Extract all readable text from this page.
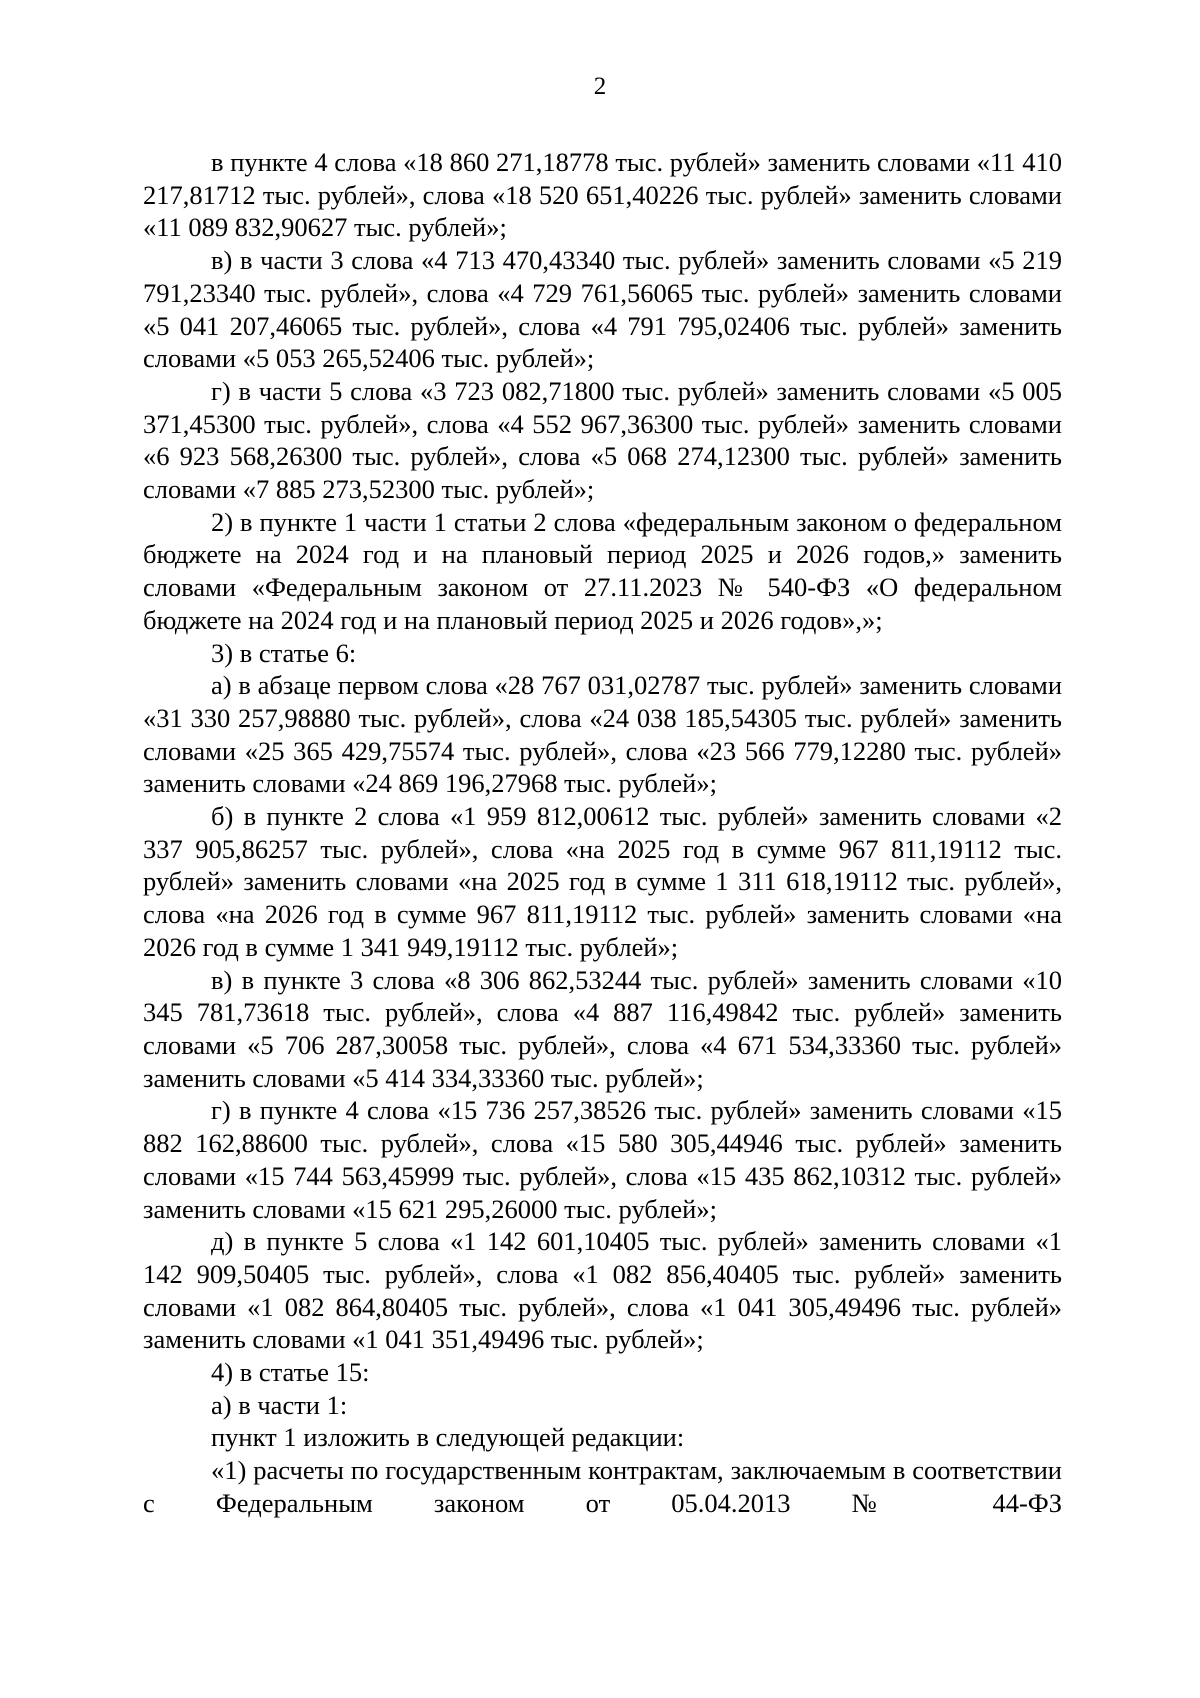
2

в пункте 4 слова «18 860 271,18778 тыс. рублей» заменить словами «11 410 217,81712 тыс. рублей», слова «18 520 651,40226 тыс. рублей» заменить словами «11 089 832,90627 тыс. рублей»;

в) в части 3 слова «4 713 470,43340 тыс. рублей» заменить словами «5 219 791,23340 тыс. рублей», слова «4 729 761,56065 тыс. рублей» заменить словами «5 041 207,46065 тыс. рублей», слова «4 791 795,02406 тыс. рублей» заменить словами «5 053 265,52406 тыс. рублей»;

г) в части 5 слова «3 723 082,71800 тыс. рублей» заменить словами «5 005 371,45300 тыс. рублей», слова «4 552 967,36300 тыс. рублей» заменить словами «6 923 568,26300 тыс. рублей», слова «5 068 274,12300 тыс. рублей» заменить словами «7 885 273,52300 тыс. рублей»;

2) в пункте 1 части 1 статьи 2 слова «федеральным законом о федеральном бюджете на 2024 год и на плановый период 2025 и 2026 годов,» заменить словами «Федеральным законом от 27.11.2023 № 540-ФЗ «О федеральном бюджете на 2024 год и на плановый период 2025 и 2026 годов»,»;

3) в статье 6:

а) в абзаце первом слова «28 767 031,02787 тыс. рублей» заменить словами «31 330 257,98880 тыс. рублей», слова «24 038 185,54305 тыс. рублей» заменить словами «25 365 429,75574 тыс. рублей», слова «23 566 779,12280 тыс. рублей» заменить словами «24 869 196,27968 тыс. рублей»;

б) в пункте 2 слова «1 959 812,00612 тыс. рублей» заменить словами «2 337 905,86257 тыс. рублей», слова «на 2025 год в сумме 967 811,19112 тыс. рублей» заменить словами «на 2025 год в сумме 1 311 618,19112 тыс. рублей», слова «на 2026 год в сумме 967 811,19112 тыс. рублей» заменить словами «на 2026 год в сумме 1 341 949,19112 тыс. рублей»;

в) в пункте 3 слова «8 306 862,53244 тыс. рублей» заменить словами «10 345 781,73618 тыс. рублей», слова «4 887 116,49842 тыс. рублей» заменить словами «5 706 287,30058 тыс. рублей», слова «4 671 534,33360 тыс. рублей» заменить словами «5 414 334,33360 тыс. рублей»;

г) в пункте 4 слова «15 736 257,38526 тыс. рублей» заменить словами «15 882 162,88600 тыс. рублей», слова «15 580 305,44946 тыс. рублей» заменить словами «15 744 563,45999 тыс. рублей», слова «15 435 862,10312 тыс. рублей» заменить словами «15 621 295,26000 тыс. рублей»;

д) в пункте 5 слова «1 142 601,10405 тыс. рублей» заменить словами «1 142 909,50405 тыс. рублей», слова «1 082 856,40405 тыс. рублей» заменить словами «1 082 864,80405 тыс. рублей», слова «1 041 305,49496 тыс. рублей» заменить словами «1 041 351,49496 тыс. рублей»;

4) в статье 15:

а) в части 1:

пункт 1 изложить в следующей редакции:

«1) расчеты по государственным контрактам, заключаемым в соответствии с Федеральным законом от 05.04.2013 № 44-ФЗ
